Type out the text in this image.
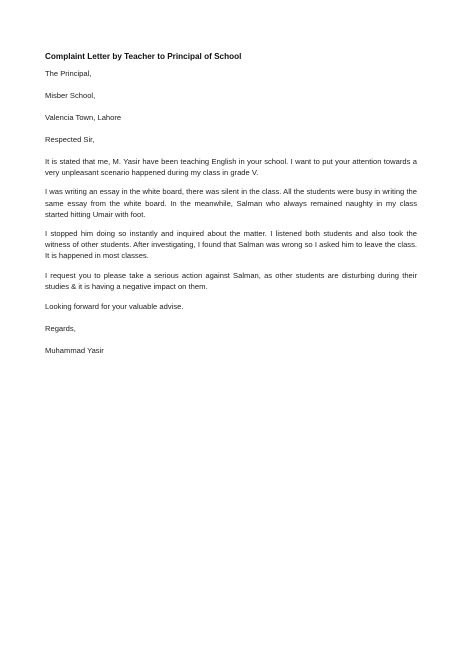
Complaint Letter by Teacher to Principal of School
The Principal,
Misber School,
Valencia Town, Lahore
Respected Sir,
It is stated that me, M. Yasir have been teaching English in your school. I want to put your attention towards a very unpleasant scenario happened during my class in grade V.
I was writing an essay in the white board, there was silent in the class. All the students were busy in writing the same essay from the white board. In the meanwhile, Salman who always remained naughty in my class started hitting Umair with foot.
I stopped him doing so instantly and inquired about the matter. I listened both students and also took the witness of other students. After investigating, I found that Salman was wrong so I asked him to leave the class. It is happened in most classes.
I request you to please take a serious action against Salman, as other students are disturbing during their studies & it is having a negative impact on them.
Looking forward for your valuable advise.
Regards,
Muhammad Yasir
